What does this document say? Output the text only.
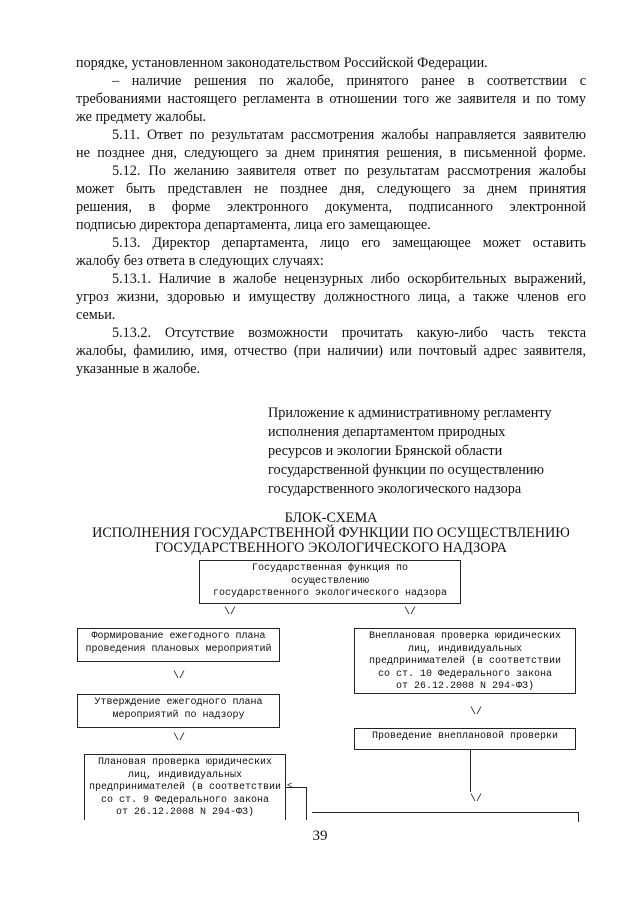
порядке, установленном законодательством Российской Федерации.
– наличие решения по жалобе, принятого ранее в соответствии с
требованиями настоящего регламента в отношении того же заявителя и по тому
же предмету жалобы.
5.11. Ответ по результатам рассмотрения жалобы направляется заявителю
не позднее дня, следующего за днем принятия решения, в письменной форме.
5.12. По желанию заявителя ответ по результатам рассмотрения жалобы
может быть представлен не позднее дня, следующего за днем принятия
решения, в форме электронного документа, подписанного электронной
подписью директора департамента, лица его замещающее.
5.13. Директор департамента, лицо его замещающее может оставить
жалобу без ответа в следующих случаях:
5.13.1. Наличие в жалобе нецензурных либо оскорбительных выражений,
угроз жизни, здоровью и имуществу должностного лица, а также членов его
семьи.
5.13.2. Отсутствие возможности прочитать какую-либо часть текста
жалобы, фамилию, имя, отчество (при наличии) или почтовый адрес заявителя,
указанные в жалобе.
Приложение к административному регламенту
исполнения департаментом природных
ресурсов и экологии Брянской области
государственной функции по осуществлению
государственного экологического надзора
БЛОК-СХЕМА
ИСПОЛНЕНИЯ ГОСУДАРСТВЕННОЙ ФУНКЦИИ ПО ОСУЩЕСТВЛЕНИЮ
ГОСУДАРСТВЕННОГО ЭКОЛОГИЧЕСКОГО НАДЗОРА
Государственная функция по
осуществлению
государственного экологического надзора
\/	\/
Формирование ежегодного плана
проведения плановых мероприятий
\/
Утверждение ежегодного плана
мероприятий по надзору
\/
Плановая проверка юридических
лиц, индивидуальных
предпринимателей (в соответствии
со ст. 9 Федерального закона
от 26.12.2008 N 294-ФЗ)
<
Внеплановая проверка юридических
лиц, индивидуальных
предпринимателей (в соответствии
со ст. 10 Федерального закона
от 26.12.2008 N 294-ФЗ)
\/
Проведение внеплановой проверки
\/
39
